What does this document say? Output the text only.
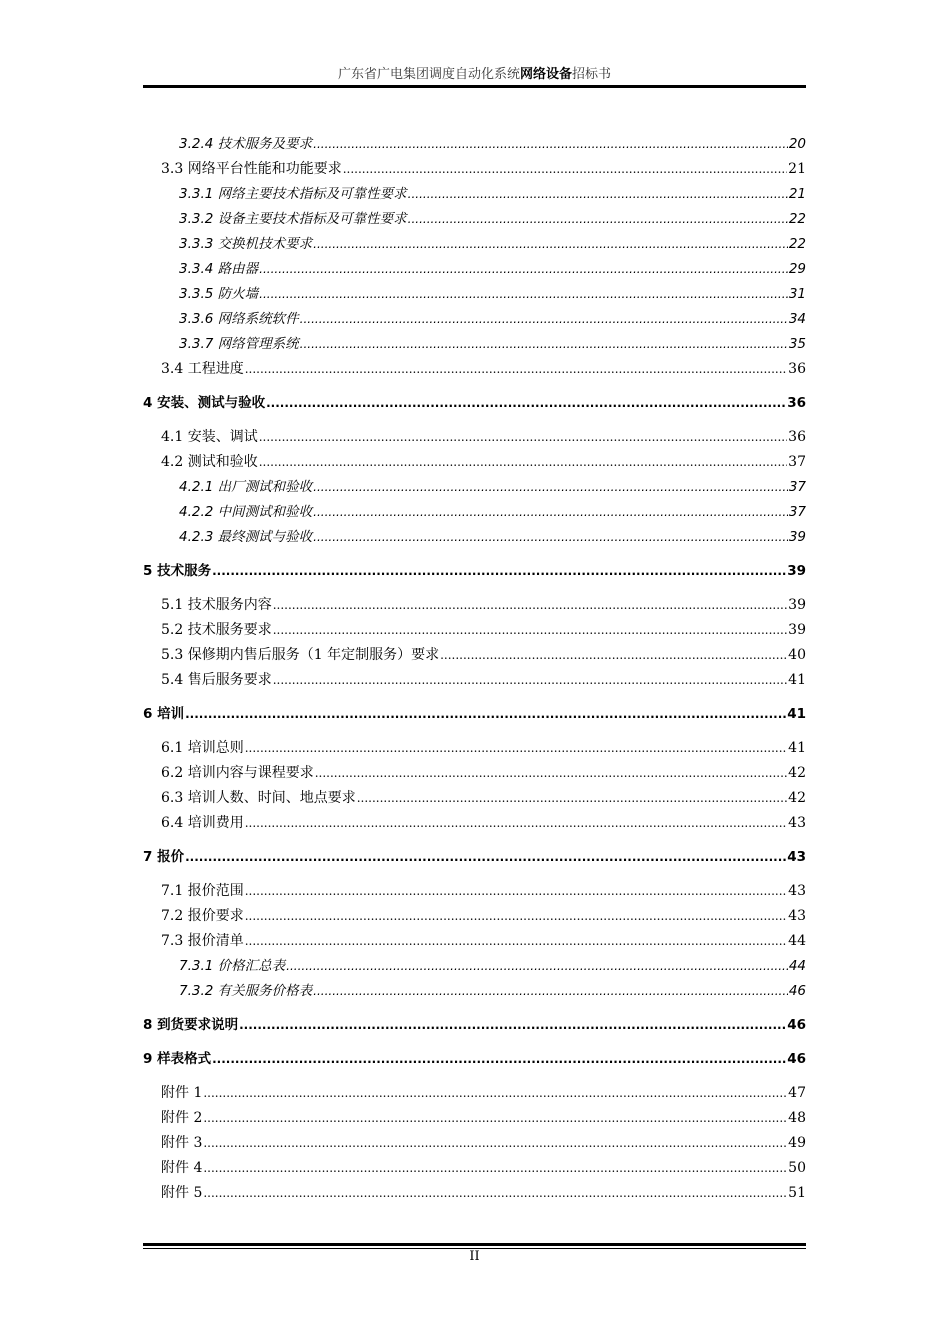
广东省广电集团调度自动化系统网络设备招标书
3.2.4 技术服务及要求 .....	20
3.3 网络平台性能和功能要求 .....	21
3.3.1 网络主要技术指标及可靠性要求 .....	21
3.3.2 设备主要技术指标及可靠性要求 .....	22
3.3.3 交换机技术要求 .....	22
3.3.4 路由器 .....	29
3.3.5 防火墙 .....	31
3.3.6 网络系统软件 .....	34
3.3.7 网络管理系统 .....	35
3.4 工程进度 .....	36
4 安装、测试与验收 .....	36
4.1 安装、调试 .....	36
4.2 测试和验收 .....	37
4.2.1 出厂测试和验收 .....	37
4.2.2 中间测试和验收 .....	37
4.2.3 最终测试与验收 .....	39
5 技术服务 .....	39
5.1 技术服务内容 .....	39
5.2 技术服务要求 .....	39
5.3 保修期内售后服务（1 年定制服务）要求 .....	40
5.4 售后服务要求 .....	41
6 培训 .....	41
6.1 培训总则 .....	41
6.2 培训内容与课程要求 .....	42
6.3 培训人数、时间、地点要求 .....	42
6.4 培训费用 .....	43
7 报价 .....	43
7.1 报价范围 .....	43
7.2 报价要求 .....	43
7.3 报价清单 .....	44
7.3.1 价格汇总表 .....	44
7.3.2 有关服务价格表 .....	46
8 到货要求说明 .....	46
9 样表格式 .....	46
附件 1 .....	47
附件 2 .....	48
附件 3 .....	49
附件 4 .....	50
附件 5 .....	51
II
